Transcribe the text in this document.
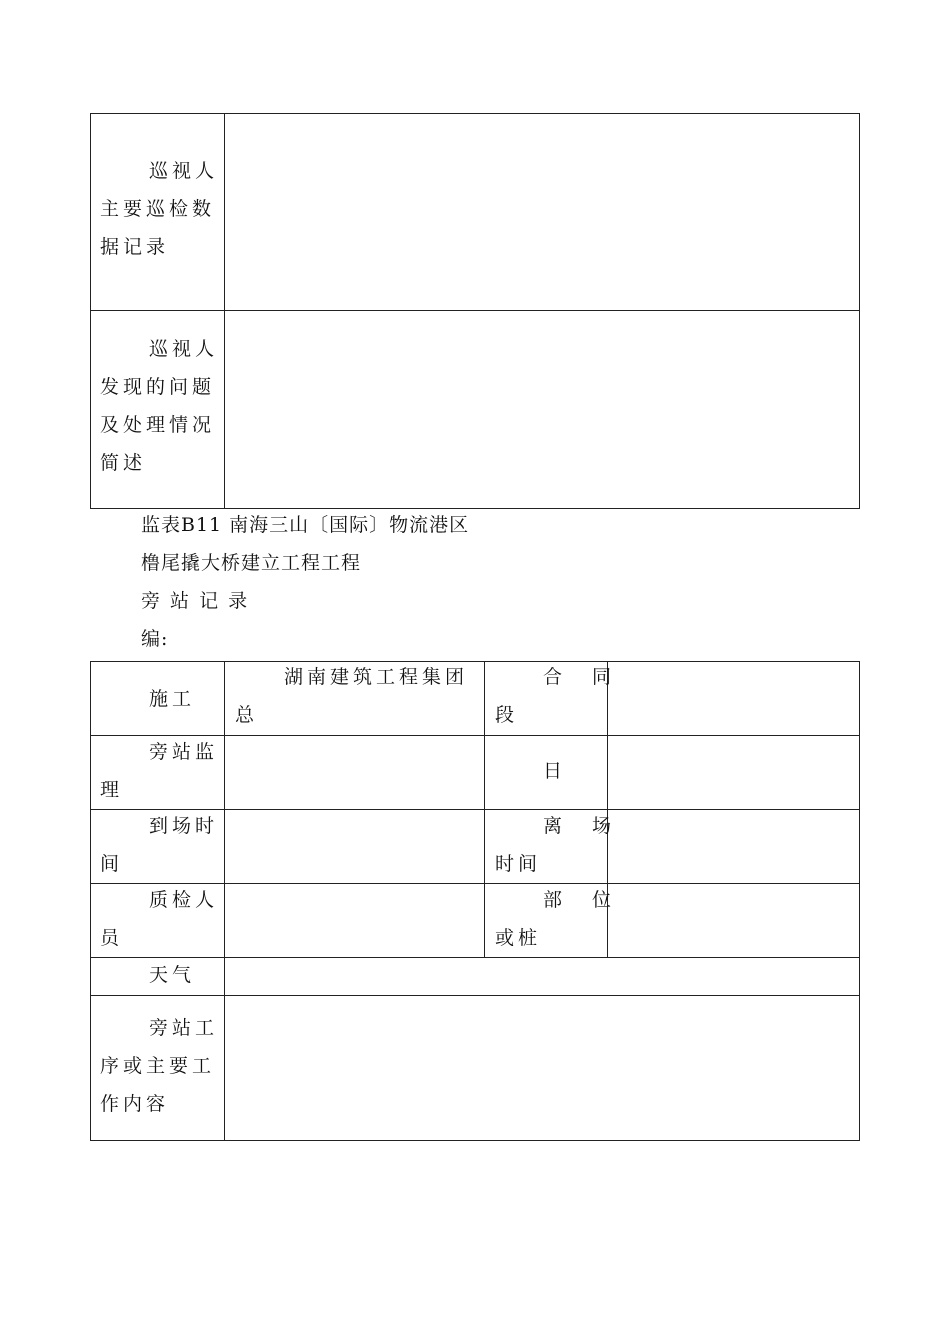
巡视人
主要巡检数
据记录
巡视人
发现的问题
及处理情况
简述
监表B11 南海三山〔国际〕物流港区
橹尾撬大桥建立工程工程
旁 站 记 录
编:
施工
湖南建筑工程集团
总
合 同
段
旁站监
理
日
到场时
间
离 场
时间
质检人
员
部 位
或桩
天气
旁站工
序或主要工
作内容
